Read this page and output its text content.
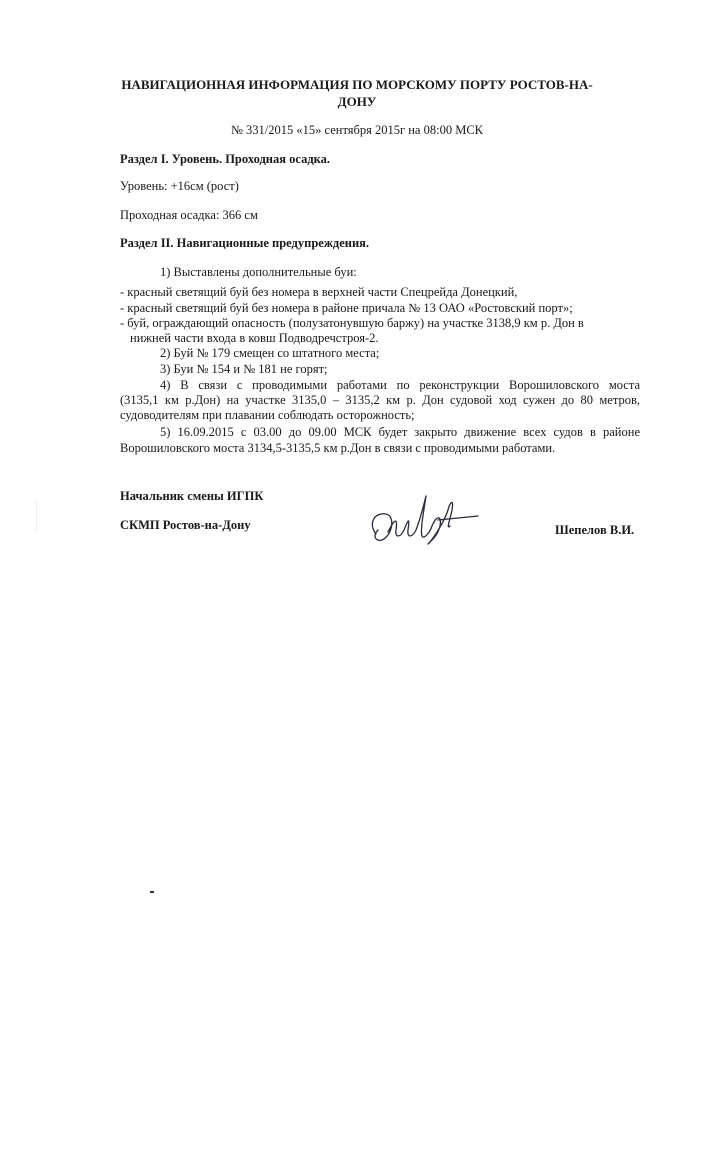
НАВИГАЦИОННАЯ ИНФОРМАЦИЯ ПО МОРСКОМУ ПОРТУ РОСТОВ-НА-
ДОНУ
№ 331/2015 «15» сентября 2015г на 08:00 МСК
Раздел I. Уровень. Проходная осадка.
Уровень: +16см (рост)
Проходная осадка: 366 см
Раздел II. Навигационные предупреждения.
1) Выставлены дополнительные буи:
- красный светящий буй без номера в верхней части Спецрейда Донецкий,
- красный светящий буй без номера в районе причала № 13 ОАО «Ростовский порт»;
- буй, ограждающий опасность (полузатонувшую баржу) на участке 3138,9 км р. Дон в
нижней части входа в ковш Подводречстроя-2.
2) Буй № 179 смещен со штатного места;
3) Буи № 154 и № 181 не горят;
4) В связи с проводимыми работами по реконструкции Ворошиловского моста
(3135,1 км р.Дон) на участке 3135,0 – 3135,2 км р. Дон судовой ход сужен до 80 метров,
судоводителям при плавании соблюдать осторожность;
5) 16.09.2015 с 03.00 до 09.00 МСК будет закрыто движение всех судов в районе
Ворошиловского моста 3134,5-3135,5 км р.Дон в связи с проводимыми работами.
Начальник смены ИГПК
СКМП Ростов-на-Дону	Шепелов В.И.
